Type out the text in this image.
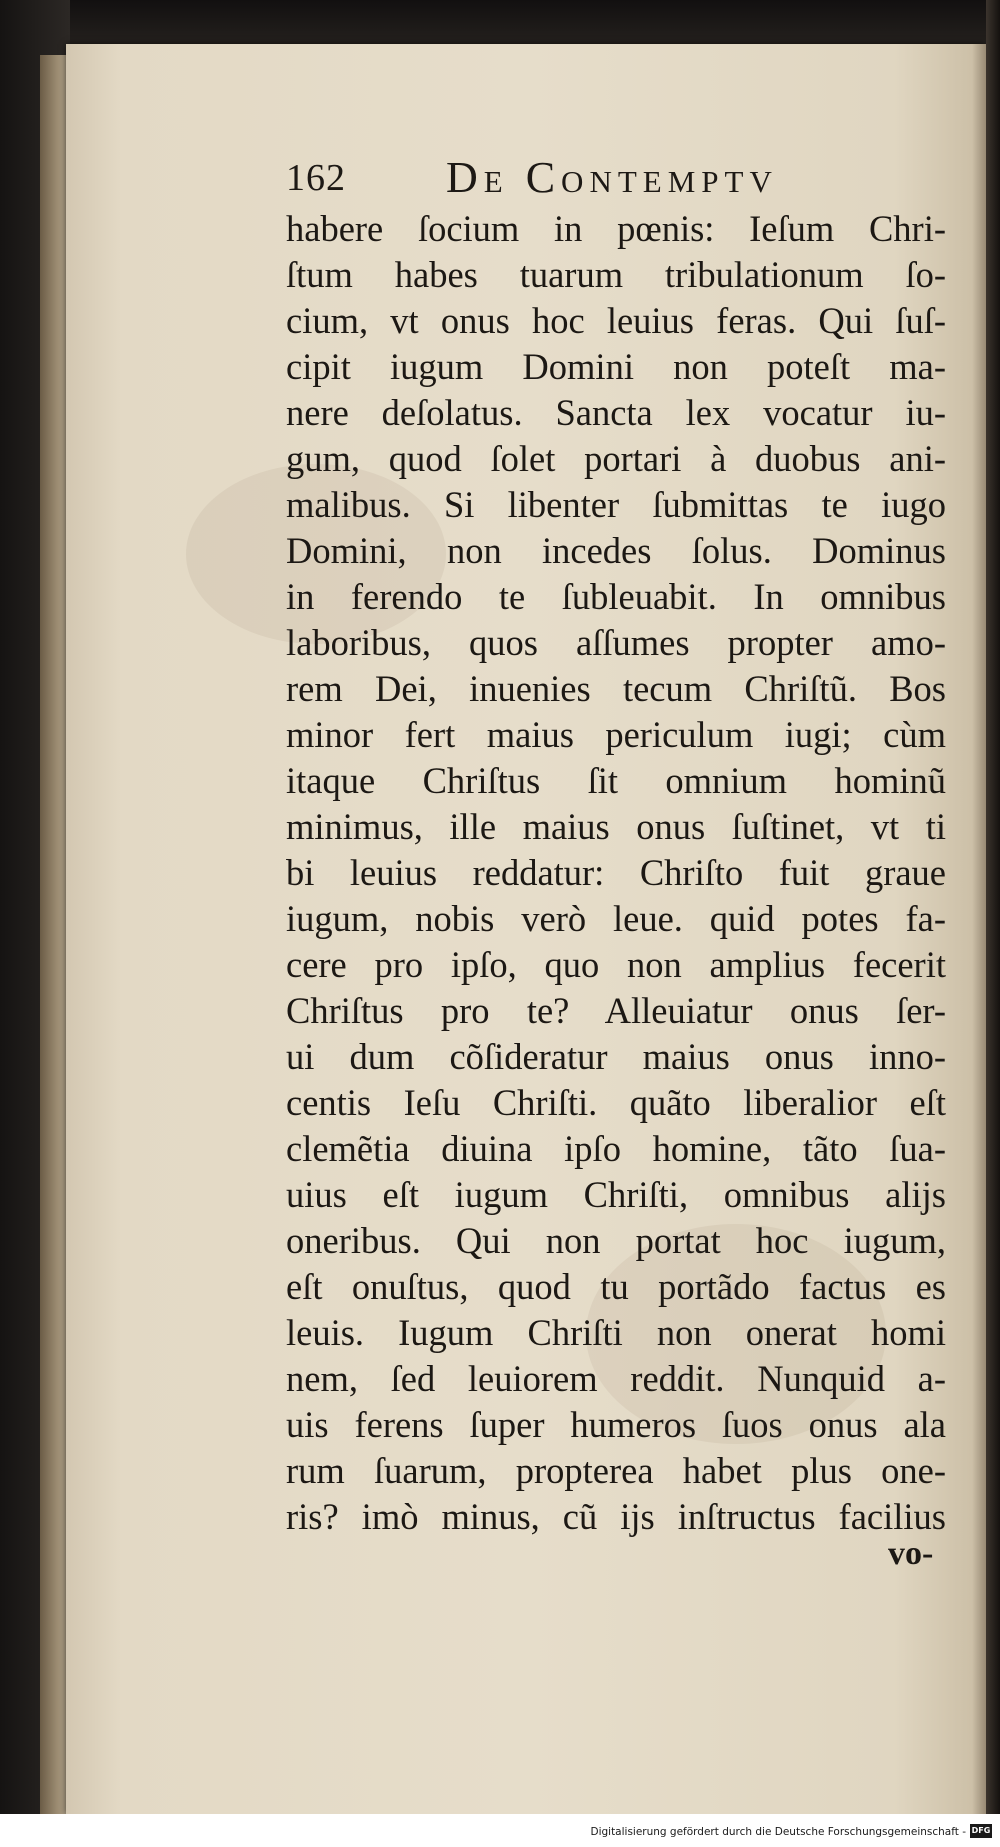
162 De Contemptv
habere ſocium in pœnis: Ieſum Chri-
ſtum habes tuarum tribulationum ſo-
cium, vt onus hoc leuius feras. Qui ſuſ-
cipit iugum Domini non poteſt ma-
nere deſolatus. Sancta lex vocatur iu-
gum, quod ſolet portari à duobus ani-
malibus. Si libenter ſubmittas te iugo
Domini, non incedes ſolus. Dominus
in ferendo te ſubleuabit. In omnibus
laboribus, quos aſſumes propter amo-
rem Dei, inuenies tecum Chriſtũ. Bos
minor fert maius periculum iugi; cùm
itaque Chriſtus ſit omnium hominũ
minimus, ille maius onus ſuſtinet, vt ti
bi leuius reddatur: Chriſto fuit graue
iugum, nobis verò leue. quid potes fa-
cere pro ipſo, quo non amplius fecerit
Chriſtus pro te? Alleuiatur onus ſer-
ui dum cõſideratur maius onus inno-
centis Ieſu Chriſti. quãto liberalior eſt
clemẽtia diuina ipſo homine, tãto ſua-
uius eſt iugum Chriſti, omnibus alijs
oneribus. Qui non portat hoc iugum,
eſt onuſtus, quod tu portãdo factus es
leuis. Iugum Chriſti non onerat homi
nem, ſed leuiorem reddit. Nunquid a-
uis ferens ſuper humeros ſuos onus ala
rum ſuarum, propterea habet plus one-
ris? imò minus, cũ ijs inſtructus facilius
vo-
Digitalisierung gefördert durch die Deutsche Forschungsgemeinschaft - DFG
